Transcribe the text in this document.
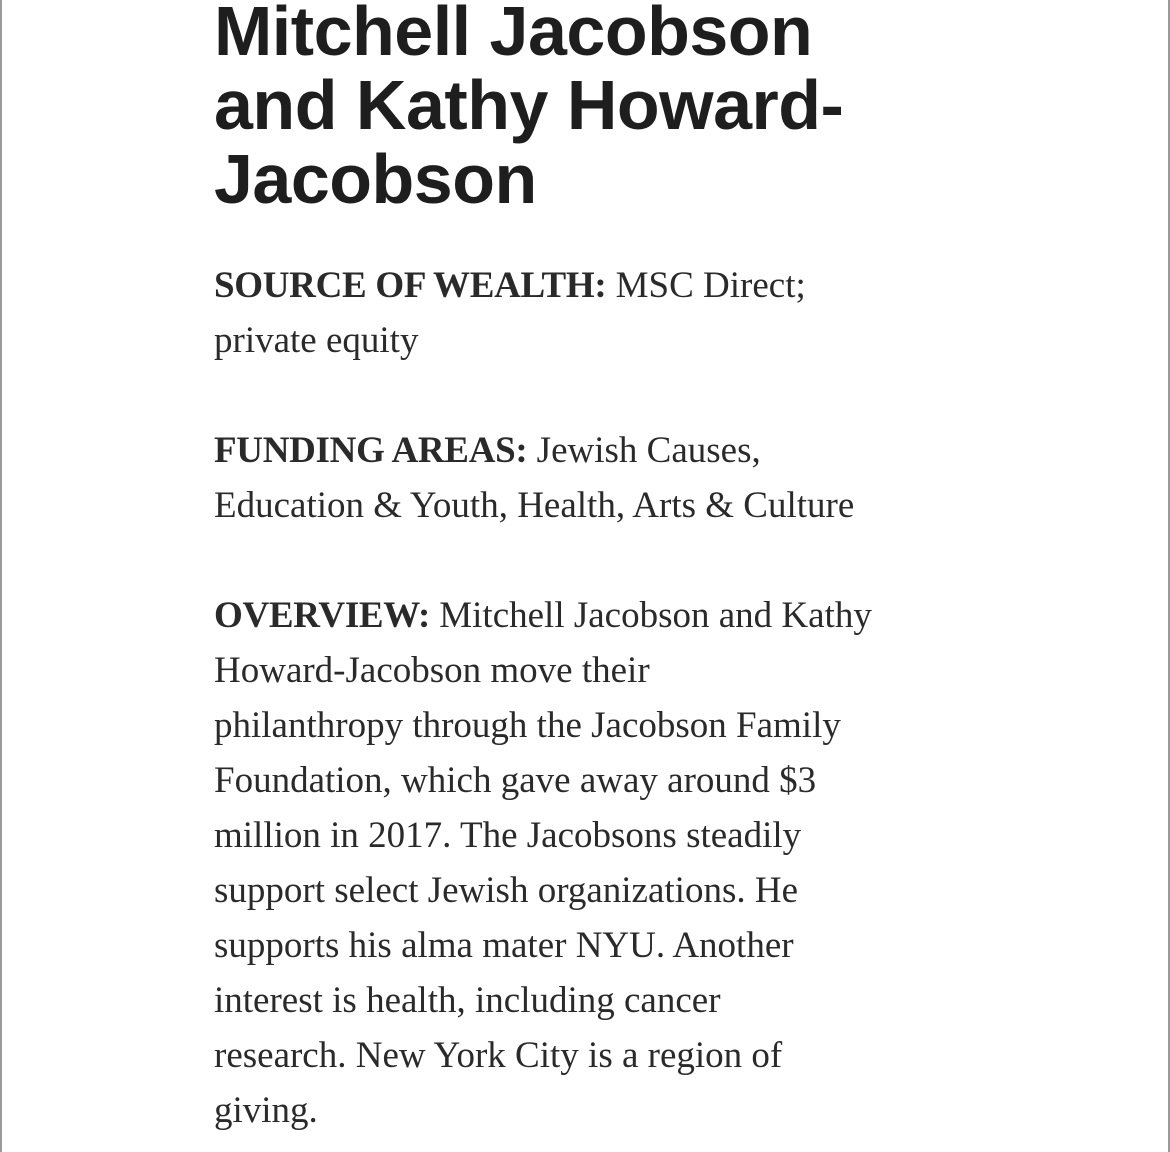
Mitchell Jacobson
and Kathy Howard-
Jacobson

SOURCE OF WEALTH: MSC Direct;
private equity

FUNDING AREAS: Jewish Causes,
Education & Youth, Health, Arts & Culture

OVERVIEW: Mitchell Jacobson and Kathy
Howard-Jacobson move their
philanthropy through the Jacobson Family
Foundation, which gave away around $3
million in 2017. The Jacobsons steadily
support select Jewish organizations. He
supports his alma mater NYU. Another
interest is health, including cancer
research. New York City is a region of
giving.
